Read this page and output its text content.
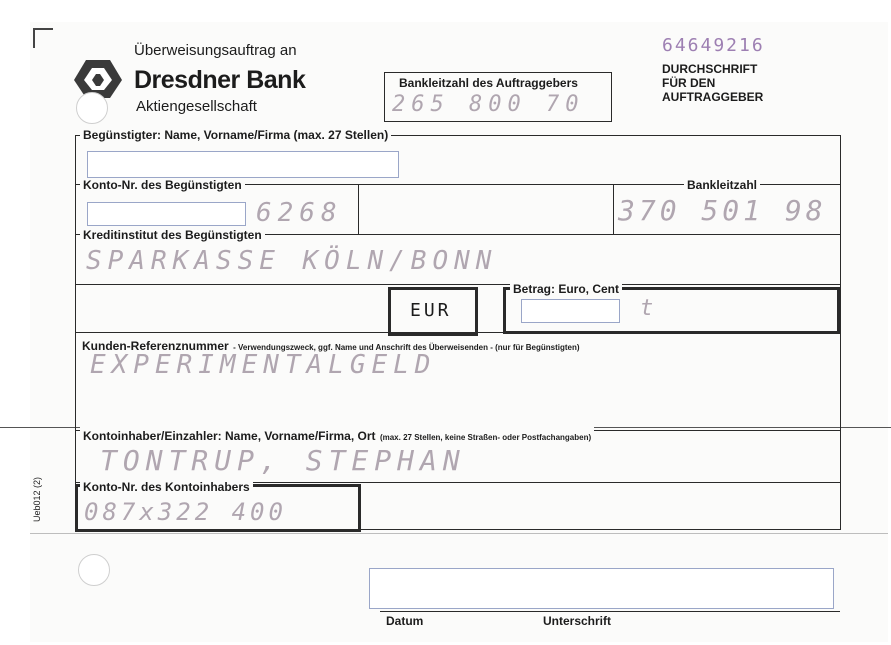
Überweisungsauftrag an
Dresdner Bank
Aktiengesellschaft
64649216
DURCHSCHRIFT
FÜR DEN
AUFTRAGGEBER
Bankleitzahl des Auftraggebers
265 800 70
Begünstigter: Name, Vorname/Firma (max. 27 Stellen)
Konto-Nr. des Begünstigten
6268
Bankleitzahl
370 501 98
Kreditinstitut des Begünstigten
SPARKASSE KÖLN/BONN
EUR
Betrag: Euro, Cent
t
Kunden-Referenznummer - Verwendungszweck, ggf. Name und Anschrift des Überweisenden - (nur für Begünstigten)
EXPERIMENTALGELD
Kontoinhaber/Einzahler: Name, Vorname/Firma, Ort (max. 27 Stellen, keine Straßen- oder Postfachangaben)
TONTRUP, STEPHAN
Konto-Nr. des Kontoinhabers
087x322 400
Ueb012 (2)
Datum	Unterschrift
